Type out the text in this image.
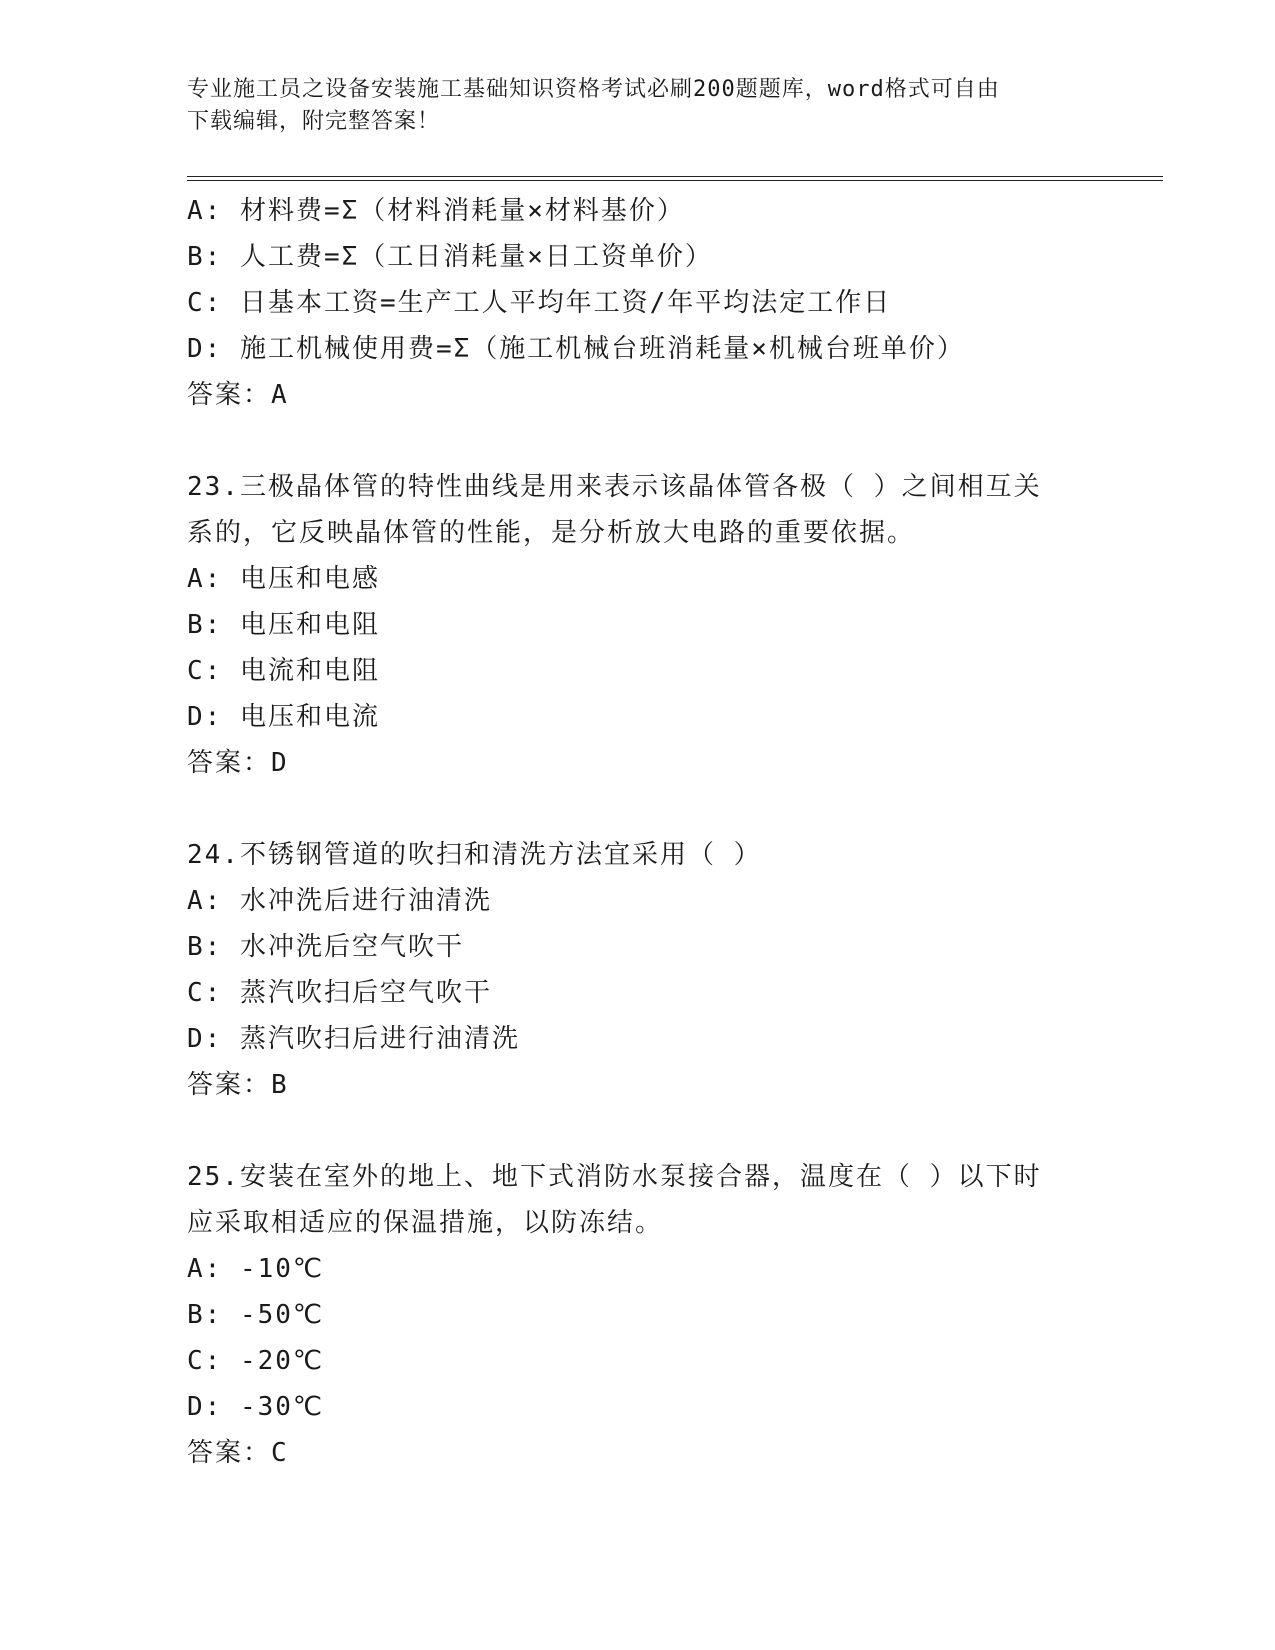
专业施工员之设备安装施工基础知识资格考试必刷200题题库，word格式可自由
下载编辑，附完整答案！
A: 材料费=Σ（材料消耗量×材料基价）
B: 人工费=Σ（工日消耗量×日工资单价）
C: 日基本工资=生产工人平均年工资/年平均法定工作日
D: 施工机械使用费=Σ（施工机械台班消耗量×机械台班单价）
答案：A
23.三极晶体管的特性曲线是用来表示该晶体管各极（ ）之间相互关
系的，它反映晶体管的性能，是分析放大电路的重要依据。
A: 电压和电感
B: 电压和电阻
C: 电流和电阻
D: 电压和电流
答案：D
24.不锈钢管道的吹扫和清洗方法宜采用（ ）
A: 水冲洗后进行油清洗
B: 水冲洗后空气吹干
C: 蒸汽吹扫后空气吹干
D: 蒸汽吹扫后进行油清洗
答案：B
25.安装在室外的地上、地下式消防水泵接合器，温度在（ ）以下时
应采取相适应的保温措施，以防冻结。
A: -10℃
B: -50℃
C: -20℃
D: -30℃
答案：C
